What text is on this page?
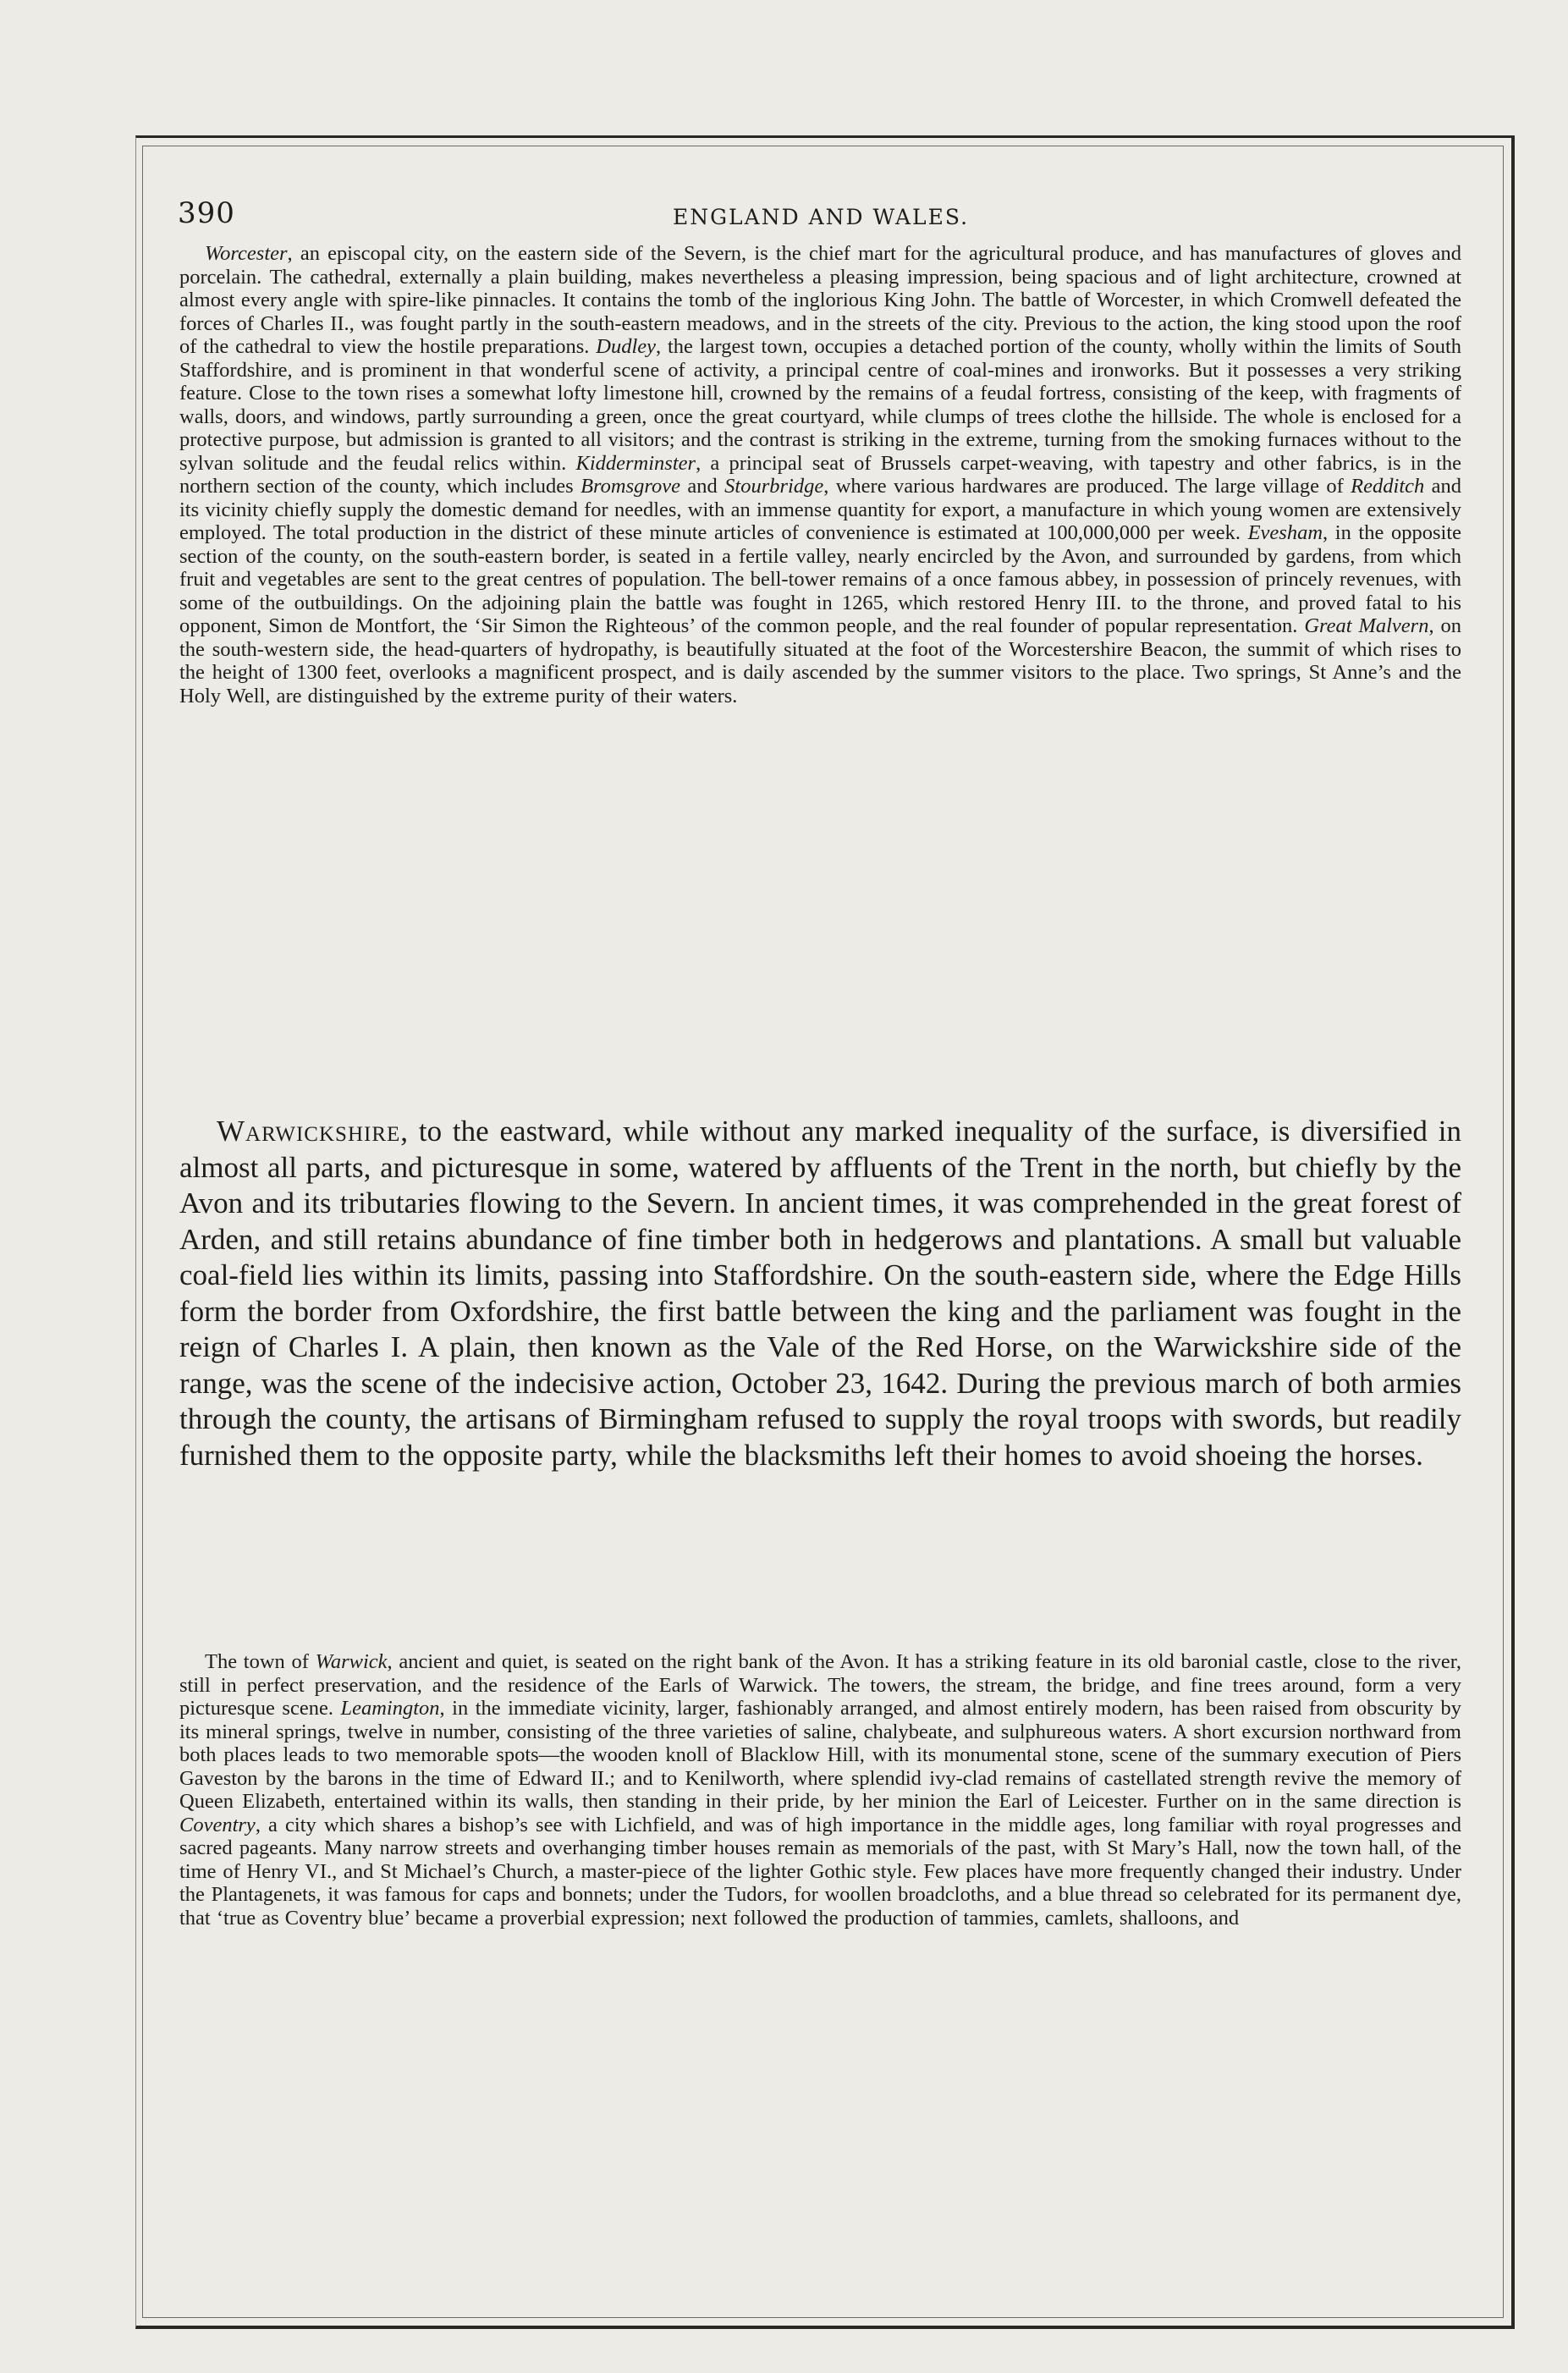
390	ENGLAND AND WALES.
Worcester, an episcopal city, on the eastern side of the Severn, is the chief mart for the agricultural produce, and has manufactures of gloves and porcelain. The cathedral, externally a plain building, makes nevertheless a pleasing impression, being spacious and of light architecture, crowned at almost every angle with spire-like pinnacles. It contains the tomb of the inglorious King John. The battle of Worcester, in which Cromwell defeated the forces of Charles II., was fought partly in the south-eastern meadows, and in the streets of the city. Previous to the action, the king stood upon the roof of the cathedral to view the hostile preparations. Dudley, the largest town, occupies a detached portion of the county, wholly within the limits of South Staffordshire, and is prominent in that wonderful scene of activity, a principal centre of coal-mines and ironworks. But it possesses a very striking feature. Close to the town rises a somewhat lofty limestone hill, crowned by the remains of a feudal fortress, consisting of the keep, with fragments of walls, doors, and windows, partly surrounding a green, once the great courtyard, while clumps of trees clothe the hillside. The whole is enclosed for a protective purpose, but admission is granted to all visitors; and the contrast is striking in the extreme, turning from the smoking furnaces without to the sylvan solitude and the feudal relics within. Kidderminster, a principal seat of Brussels carpet-weaving, with tapestry and other fabrics, is in the northern section of the county, which includes Bromsgrove and Stourbridge, where various hardwares are produced. The large village of Redditch and its vicinity chiefly supply the domestic demand for needles, with an immense quantity for export, a manufacture in which young women are extensively employed. The total production in the district of these minute articles of convenience is estimated at 100,000,000 per week. Evesham, in the opposite section of the county, on the south-eastern border, is seated in a fertile valley, nearly encircled by the Avon, and surrounded by gardens, from which fruit and vegetables are sent to the great centres of population. The bell-tower remains of a once famous abbey, in possession of princely revenues, with some of the outbuildings. On the adjoining plain the battle was fought in 1265, which restored Henry III. to the throne, and proved fatal to his opponent, Simon de Montfort, the ‘Sir Simon the Righteous’ of the common people, and the real founder of popular representation. Great Malvern, on the south-western side, the head-quarters of hydropathy, is beautifully situated at the foot of the Worcestershire Beacon, the summit of which rises to the height of 1300 feet, overlooks a magnificent prospect, and is daily ascended by the summer visitors to the place. Two springs, St Anne’s and the Holy Well, are distinguished by the extreme purity of their waters.
Warwickshire, to the eastward, while without any marked inequality of the surface, is diversified in almost all parts, and picturesque in some, watered by affluents of the Trent in the north, but chiefly by the Avon and its tributaries flowing to the Severn. In ancient times, it was comprehended in the great forest of Arden, and still retains abundance of fine timber both in hedgerows and plantations. A small but valuable coal-field lies within its limits, passing into Staffordshire. On the south-eastern side, where the Edge Hills form the border from Oxfordshire, the first battle between the king and the parliament was fought in the reign of Charles I. A plain, then known as the Vale of the Red Horse, on the Warwickshire side of the range, was the scene of the indecisive action, October 23, 1642. During the previous march of both armies through the county, the artisans of Birmingham refused to supply the royal troops with swords, but readily furnished them to the opposite party, while the blacksmiths left their homes to avoid shoeing the horses.
The town of Warwick, ancient and quiet, is seated on the right bank of the Avon. It has a striking feature in its old baronial castle, close to the river, still in perfect preservation, and the residence of the Earls of Warwick. The towers, the stream, the bridge, and fine trees around, form a very picturesque scene. Leamington, in the immediate vicinity, larger, fashionably arranged, and almost entirely modern, has been raised from obscurity by its mineral springs, twelve in number, consisting of the three varieties of saline, chalybeate, and sulphureous waters. A short excursion northward from both places leads to two memorable spots—the wooden knoll of Blacklow Hill, with its monumental stone, scene of the summary execution of Piers Gaveston by the barons in the time of Edward II.; and to Kenilworth, where splendid ivy-clad remains of castellated strength revive the memory of Queen Elizabeth, entertained within its walls, then standing in their pride, by her minion the Earl of Leicester. Further on in the same direction is Coventry, a city which shares a bishop’s see with Lichfield, and was of high importance in the middle ages, long familiar with royal progresses and sacred pageants. Many narrow streets and overhanging timber houses remain as memorials of the past, with St Mary’s Hall, now the town hall, of the time of Henry VI., and St Michael’s Church, a master-piece of the lighter Gothic style. Few places have more frequently changed their industry. Under the Plantagenets, it was famous for caps and bonnets; under the Tudors, for woollen broadcloths, and a blue thread so celebrated for its permanent dye, that ‘true as Coventry blue’ became a proverbial expression; next followed the production of tammies, camlets, shalloons, and
